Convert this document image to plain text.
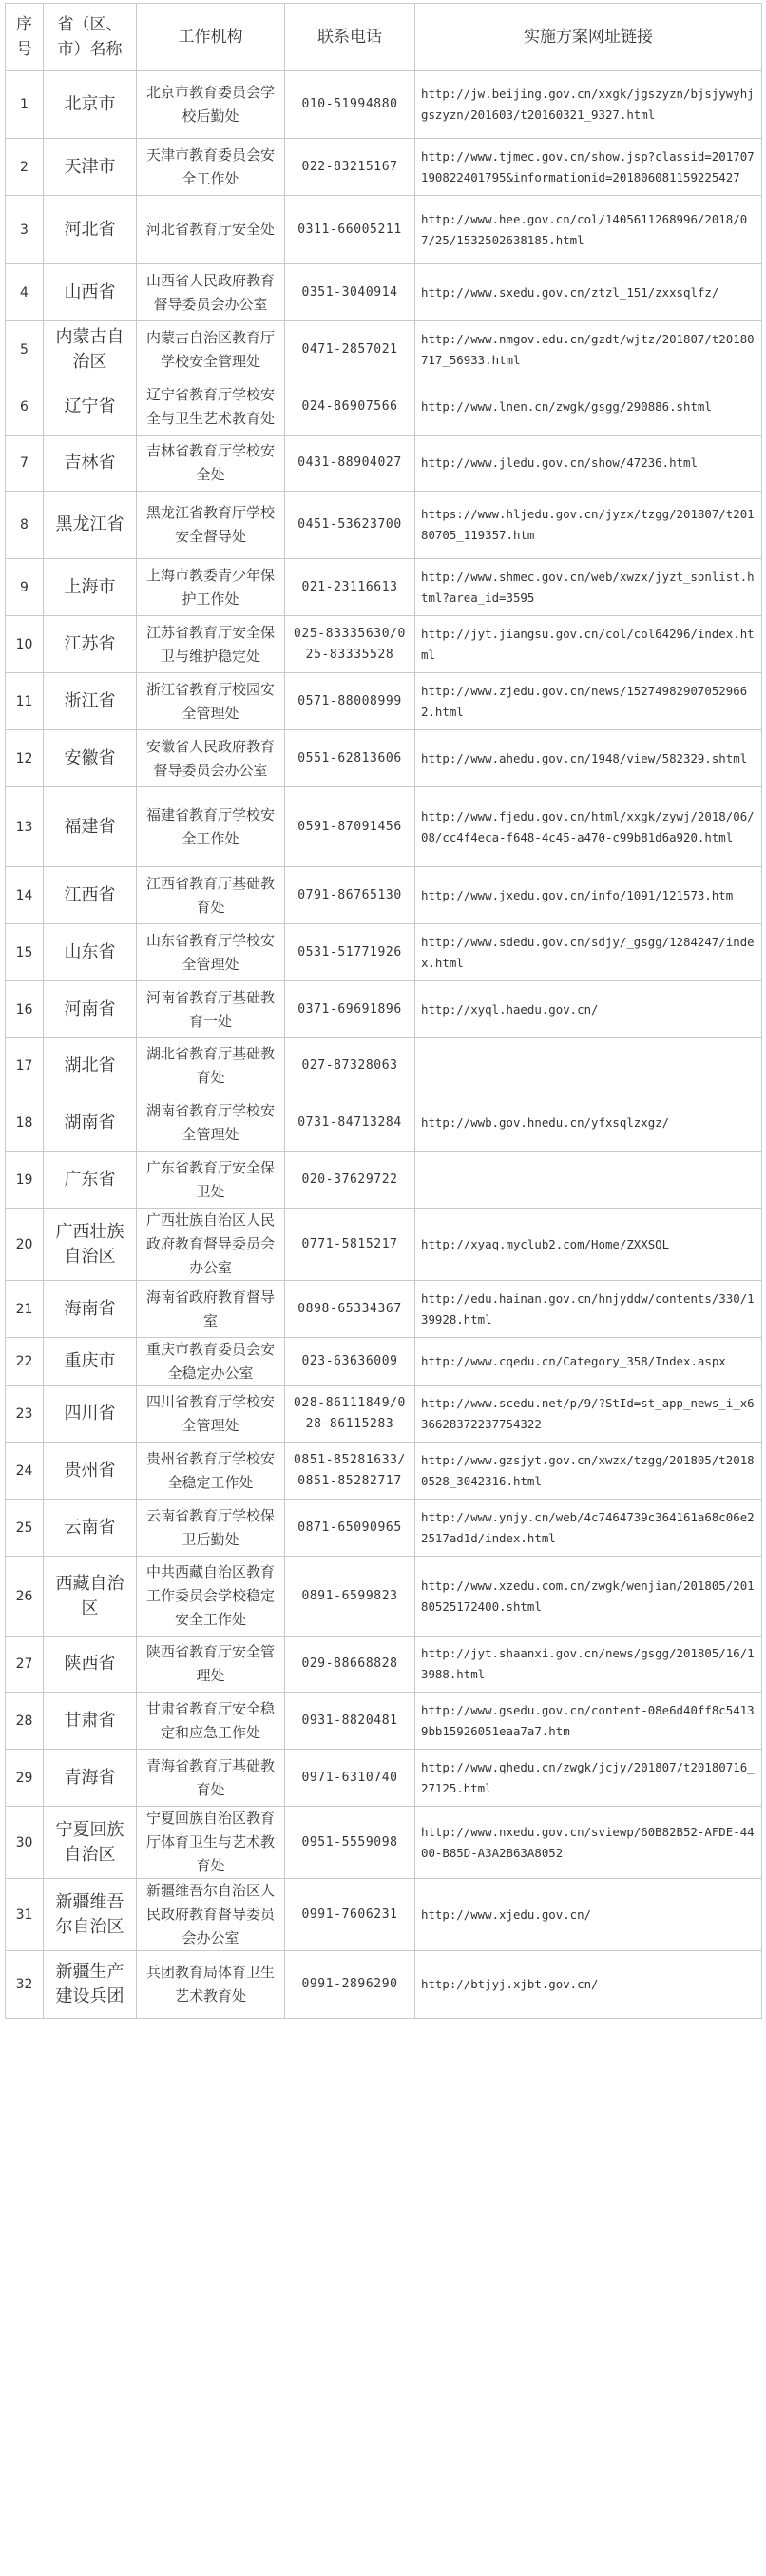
序号	省（区、市）名称	工作机构	联系电话	实施方案网址链接
1	北京市	北京市教育委员会学校后勤处	010-51994880	http://jw.beijing.gov.cn/xxgk/jgszyzn/bjsjywyhjgszyzn/201603/t20160321_9327.html
2	天津市	天津市教育委员会安全工作处	022-83215167	http://www.tjmec.gov.cn/show.jsp?classid=201707190822401795&informationid=201806081159225427
3	河北省	河北省教育厅安全处	0311-66005211	http://www.hee.gov.cn/col/1405611268996/2018/07/25/1532502638185.html
4	山西省	山西省人民政府教育督导委员会办公室	0351-3040914	http://www.sxedu.gov.cn/ztzl_151/zxxsqlfz/
5	内蒙古自治区	内蒙古自治区教育厅学校安全管理处	0471-2857021	http://www.nmgov.edu.cn/gzdt/wjtz/201807/t20180717_56933.html
6	辽宁省	辽宁省教育厅学校安全与卫生艺术教育处	024-86907566	http://www.lnen.cn/zwgk/gsgg/290886.shtml
7	吉林省	吉林省教育厅学校安全处	0431-88904027	http://www.jledu.gov.cn/show/47236.html
8	黑龙江省	黑龙江省教育厅学校安全督导处	0451-53623700	https://www.hljedu.gov.cn/jyzx/tzgg/201807/t20180705_119357.htm
9	上海市	上海市教委青少年保护工作处	021-23116613	http://www.shmec.gov.cn/web/xwzx/jyzt_sonlist.html?area_id=3595
10	江苏省	江苏省教育厅安全保卫与维护稳定处	025-83335630/025-83335528	http://jyt.jiangsu.gov.cn/col/col64296/index.html
11	浙江省	浙江省教育厅校园安全管理处	0571-88008999	http://www.zjedu.gov.cn/news/152749829070529662.html
12	安徽省	安徽省人民政府教育督导委员会办公室	0551-62813606	http://www.ahedu.gov.cn/1948/view/582329.shtml
13	福建省	福建省教育厅学校安全工作处	0591-87091456	http://www.fjedu.gov.cn/html/xxgk/zywj/2018/06/08/cc4f4eca-f648-4c45-a470-c99b81d6a920.html
14	江西省	江西省教育厅基础教育处	0791-86765130	http://www.jxedu.gov.cn/info/1091/121573.htm
15	山东省	山东省教育厅学校安全管理处	0531-51771926	http://www.sdedu.gov.cn/sdjy/_gsgg/1284247/index.html
16	河南省	河南省教育厅基础教育一处	0371-69691896	http://xyql.haedu.gov.cn/
17	湖北省	湖北省教育厅基础教育处	027-87328063	
18	湖南省	湖南省教育厅学校安全管理处	0731-84713284	http://wwb.gov.hnedu.cn/yfxsqlzxgz/
19	广东省	广东省教育厅安全保卫处	020-37629722	
20	广西壮族自治区	广西壮族自治区人民政府教育督导委员会办公室	0771-5815217	http://xyaq.myclub2.com/Home/ZXXSQL
21	海南省	海南省政府教育督导室	0898-65334367	http://edu.hainan.gov.cn/hnjyddw/contents/330/139928.html
22	重庆市	重庆市教育委员会安全稳定办公室	023-63636009	http://www.cqedu.cn/Category_358/Index.aspx
23	四川省	四川省教育厅学校安全管理处	028-86111849/028-86115283	http://www.scedu.net/p/9/?StId=st_app_news_i_x636628372237754322
24	贵州省	贵州省教育厅学校安全稳定工作处	0851-85281633/0851-85282717	http://www.gzsjyt.gov.cn/xwzx/tzgg/201805/t20180528_3042316.html
25	云南省	云南省教育厅学校保卫后勤处	0871-65090965	http://www.ynjy.cn/web/4c7464739c364161a68c06e22517ad1d/index.html
26	西藏自治区	中共西藏自治区教育工作委员会学校稳定安全工作处	0891-6599823	http://www.xzedu.com.cn/zwgk/wenjian/201805/20180525172400.shtml
27	陕西省	陕西省教育厅安全管理处	029-88668828	http://jyt.shaanxi.gov.cn/news/gsgg/201805/16/13988.html
28	甘肃省	甘肃省教育厅安全稳定和应急工作处	0931-8820481	http://www.gsedu.gov.cn/content-08e6d40ff8c54139bb15926051eaa7a7.htm
29	青海省	青海省教育厅基础教育处	0971-6310740	http://www.qhedu.cn/zwgk/jcjy/201807/t20180716_27125.html
30	宁夏回族自治区	宁夏回族自治区教育厅体育卫生与艺术教育处	0951-5559098	http://www.nxedu.gov.cn/sviewp/60B82B52-AFDE-4400-B85D-A3A2B63A8052
31	新疆维吾尔自治区	新疆维吾尔自治区人民政府教育督导委员会办公室	0991-7606231	http://www.xjedu.gov.cn/
32	新疆生产建设兵团	兵团教育局体育卫生艺术教育处	0991-2896290	http://btjyj.xjbt.gov.cn/
